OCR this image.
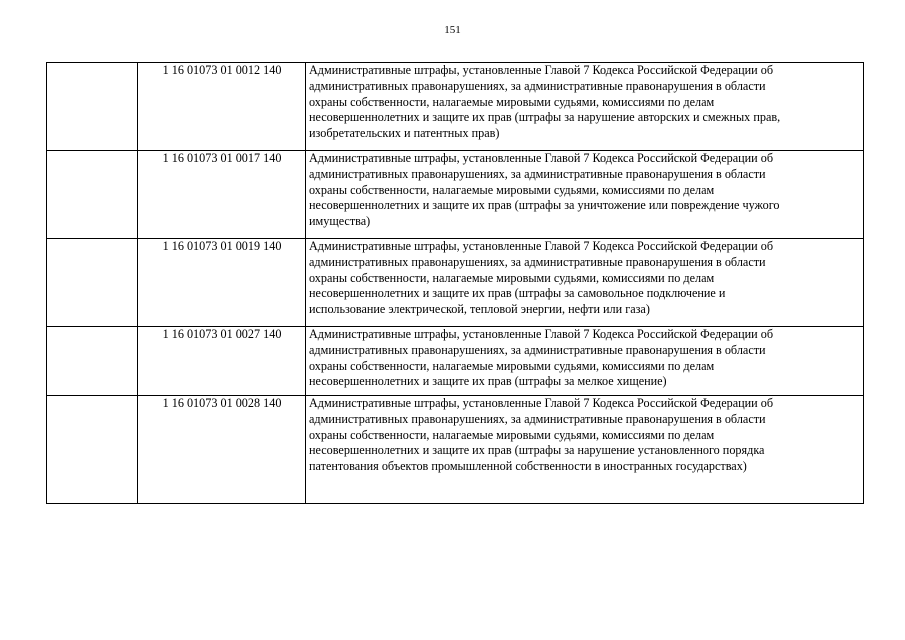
151
	1 16 01073 01 0012 140	Административные штрафы, установленные Главой 7 Кодекса Российской Федерации об
административных правонарушениях, за административные правонарушения в области
охраны собственности, налагаемые мировыми судьями, комиссиями по делам
несовершеннолетних и защите их прав (штрафы за нарушение авторских и смежных прав,
изобретательских и патентных прав)
	1 16 01073 01 0017 140	Административные штрафы, установленные Главой 7 Кодекса Российской Федерации об
административных правонарушениях, за административные правонарушения в области
охраны собственности, налагаемые мировыми судьями, комиссиями по делам
несовершеннолетних и защите их прав (штрафы за уничтожение или повреждение чужого
имущества)
	1 16 01073 01 0019 140	Административные штрафы, установленные Главой 7 Кодекса Российской Федерации об
административных правонарушениях, за административные правонарушения в области
охраны собственности, налагаемые мировыми судьями, комиссиями по делам
несовершеннолетних и защите их прав (штрафы за самовольное подключение и
использование электрической, тепловой энергии, нефти или газа)
	1 16 01073 01 0027 140	Административные штрафы, установленные Главой 7 Кодекса Российской Федерации об
административных правонарушениях, за административные правонарушения в области
охраны собственности, налагаемые мировыми судьями, комиссиями по делам
несовершеннолетних и защите их прав (штрафы за мелкое хищение)
	1 16 01073 01 0028 140	Административные штрафы, установленные Главой 7 Кодекса Российской Федерации об
административных правонарушениях, за административные правонарушения в области
охраны собственности, налагаемые мировыми судьями, комиссиями по делам
несовершеннолетних и защите их прав (штрафы за нарушение установленного порядка
патентования объектов промышленной собственности в иностранных государствах)
